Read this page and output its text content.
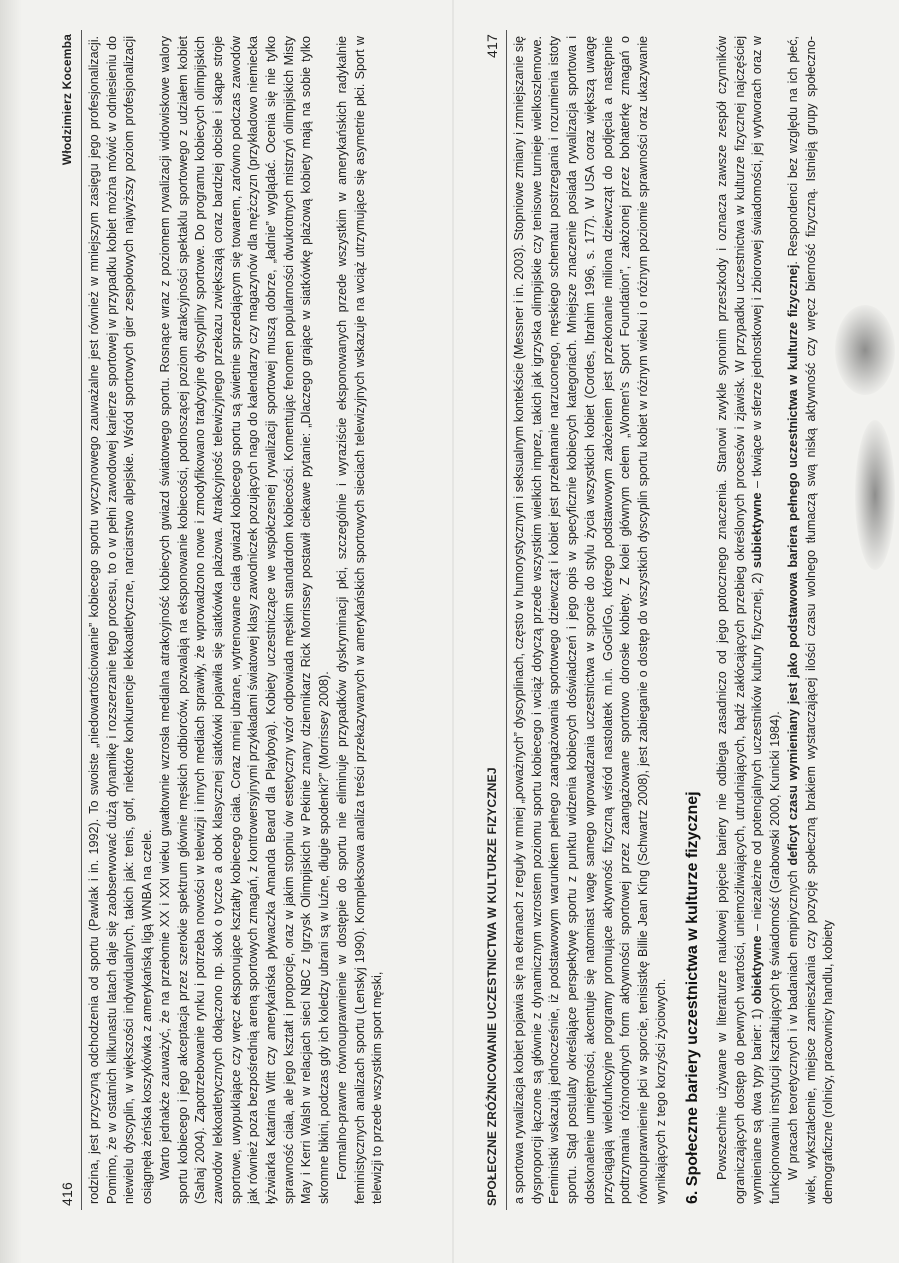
416
Włodzimierz Kocemba rodzina, jest przyczyną odchodzenia od sportu (Pawlak i in. 1992). To swoiste „niedowartościowanie” kobiecego sportu wyczynowego zauważalne jest również w mniejszym zasięgu jego profesjonalizacji. Pomimo, że w ostatnich kilkunastu latach daje się zaobserwować dużą dynamikę i rozszerzanie tego procesu, to o w pełni zawodowej karierze sportowej w przypadku kobiet można mówić w odniesieniu do niewielu dyscyplin, w większości indywidualnych, takich jak: tenis, golf, niektóre konkurencje lekkoatletyczne, narciarstwo alpejskie. Wśród sportowych gier zespołowych najwyższy poziom profesjonalizacji osiągnęła żeńska koszykówka z amerykańską ligą WNBA na czele. Warto jednakże zauważyć, że na przełomie XX i XXI wieku gwałtownie wzrosła medialna atrakcyjność kobiecych gwiazd światowego sportu. Rosnące wraz z poziomem rywalizacji widowiskowe walory sportu kobiecego i jego akceptacja przez szerokie spektrum głównie męskich odbiorców, pozwalają na eksponowanie kobiecości, podnoszącej poziom atrakcyjności spektaklu sportowego z udziałem kobiet (Sahaj 2004). Zapotrzebowanie rynku i potrzeba nowości w telewizji i innych mediach sprawiły, że wprowadzono nowe i zmodyfikowano tradycyjne dyscypliny sportowe. Do programu kobiecych olimpijskich zawodów lekkoatletycznych dołączono np. skok o tyczce a obok klasycznej siatkówki pojawiła się siatkówka plażowa. Atrakcyjność telewizyjnego przekazu zwiększają coraz bardziej obcisłe i skąpe stroje sportowe, uwypuklające czy wręcz eksponujące kształty kobiecego ciała. Coraz mniej ubrane, wytrenowane ciała gwiazd kobiecego sportu są świetnie sprzedającym się towarem, zarówno podczas zawodów jak również poza bezpośrednią areną sportowych zmagań, z kontrowersyjnymi przykładami światowej klasy zawodniczek pozujących nago do kalendarzy czy magazynów dla mężczyzn (przykładowo niemiecka łyżwiarka Katarina Witt czy amerykańska pływaczka Amanda Beard dla Playboya). Kobiety uczestniczące we współczesnej rywalizacji sportowej muszą dobrze, „ładnie” wyglądać. Ocenia się nie tylko sprawność ciała, ale jego kształt i proporcje, oraz w jakim stopniu ów estetyczny wzór odpowiada męskim standardom kobiecości. Komentując fenomen popularności dwukrotnych mistrzyń olimpijskich Misty May i Kerri Walsh w relacjach sieci NBC z Igrzysk Olimpijskich w Pekinie znany dziennikarz Rick Morrissey postawił ciekawe pytanie: „Dlaczego grające w siatkówkę plażową kobiety mają na sobie tylko skromne bikini, podczas gdy ich koledzy ubrani są w luźne, długie spodenki?” (Morrissey 2008). Formalno-prawne równouprawnienie w dostępie do sportu nie eliminuje przypadków dyskryminacji płci, szczególnie i wyraziście eksponowanych przede wszystkim w amerykańskich radykalnie feministycznych analizach sportu (Lenskyj 1990). Kompleksowa analiza treści przekazywanych w amerykańskich sportowych sieciach telewizyjnych wskazuje na wciąż utrzymujące się asymetrie płci. Sport w telewizji to przede wszystkim sport męski,	SPOŁECZNE ZRÓŻNICOWANIE UCZESTNICTWA W KULTURZE FIZYCZNEJ
417 a sportowa rywalizacja kobiet pojawia się na ekranach z reguły w mniej „poważnych” dyscyplinach, często w humorystycznym i seksualnym kontekście (Messner i in. 2003). Stopniowe zmiany i zmniejszanie się dysproporcji łączone są głównie z dynamicznym wzrostem poziomu sportu kobiecego i wciąż dotyczą przede wszystkim wielkich imprez, takich jak igrzyska olimpijskie czy tenisowe turnieje wielkoszlemowe. Feministki wskazują jednocześnie, iż podstawowym warunkiem pełnego zaangażowania sportowego dziewcząt i kobiet jest przełamanie narzuconego, męskiego schematu postrzegania i rozumienia istoty sportu. Stąd postulaty określające perspektywę sportu z punktu widzenia kobiecych doświadczeń i jego opis w specyficznie kobiecych kategoriach. Mniejsze znaczenie posiada rywalizacja sportowa i doskonalenie umiejętności, akcentuje się natomiast wagę samego wprowadzania uczestnictwa w sporcie do stylu życia wszystkich kobiet (Cordes, Ibrahim 1996, s. 177). W USA coraz większą uwagę przyciągają wielofunkcyjne programy promujące aktywność fizyczną wśród nastolatek m.in. GoGirlGo, którego podstawowym założeniem jest przekonanie miliona dziewcząt do podjęcia a następnie podtrzymania różnorodnych form aktywności sportowej przez zaangażowane sportowo dorosłe kobiety. Z kolei głównym celem „Women's Sport Foundation”, założonej przez bohaterkę zmagań o równouprawnienie płci w sporcie, tenisistkę Billie Jean King (Schwartz 2008), jest zabieganie o dostęp do wszystkich dyscyplin sportu kobiet w różnym wieku i o różnym poziomie sprawności oraz ukazywanie wynikających z tego korzyści życiowych. 6. Społeczne bariery uczestnictwa w kulturze fizycznej Powszechnie używane w literaturze naukowej pojęcie bariery nie odbiega zasadniczo od jego potocznego znaczenia. Stanowi zwykle synonim przeszkody i oznacza zawsze zespół czynników ograniczających dostęp do pewnych wartości, uniemożliwiających, utrudniających, bądź zakłócających przebieg określonych procesów i zjawisk. W przypadku uczestnictwa w kulturze fizycznej najczęściej wymieniane są dwa typy barier: 1) obiektywne – niezależne od potencjalnych uczestników kultury fizycznej, 2) subiektywne – tkwiące w sferze jednostkowej i zbiorowej świadomości, jej wytworach oraz w funkcjonowaniu instytucji kształtujących tę świadomość (Grabowski 2000, Kunicki 1984). W pracach teoretycznych i w badaniach empirycznych deficyt czasu wymieniany jest jako podstawowa bariera pełnego uczestnictwa w kulturze fizycznej. Respondenci bez względu na ich płeć, wiek, wykształcenie, miejsce zamieszkania czy pozycję społeczną brakiem wystarczającej ilości czasu wolnego tłumaczą swą niską aktywność czy wręcz bierność fizyczną. Istnieją grupy społeczno-demograficzne (rolnicy, pracownicy handlu, kobiety
